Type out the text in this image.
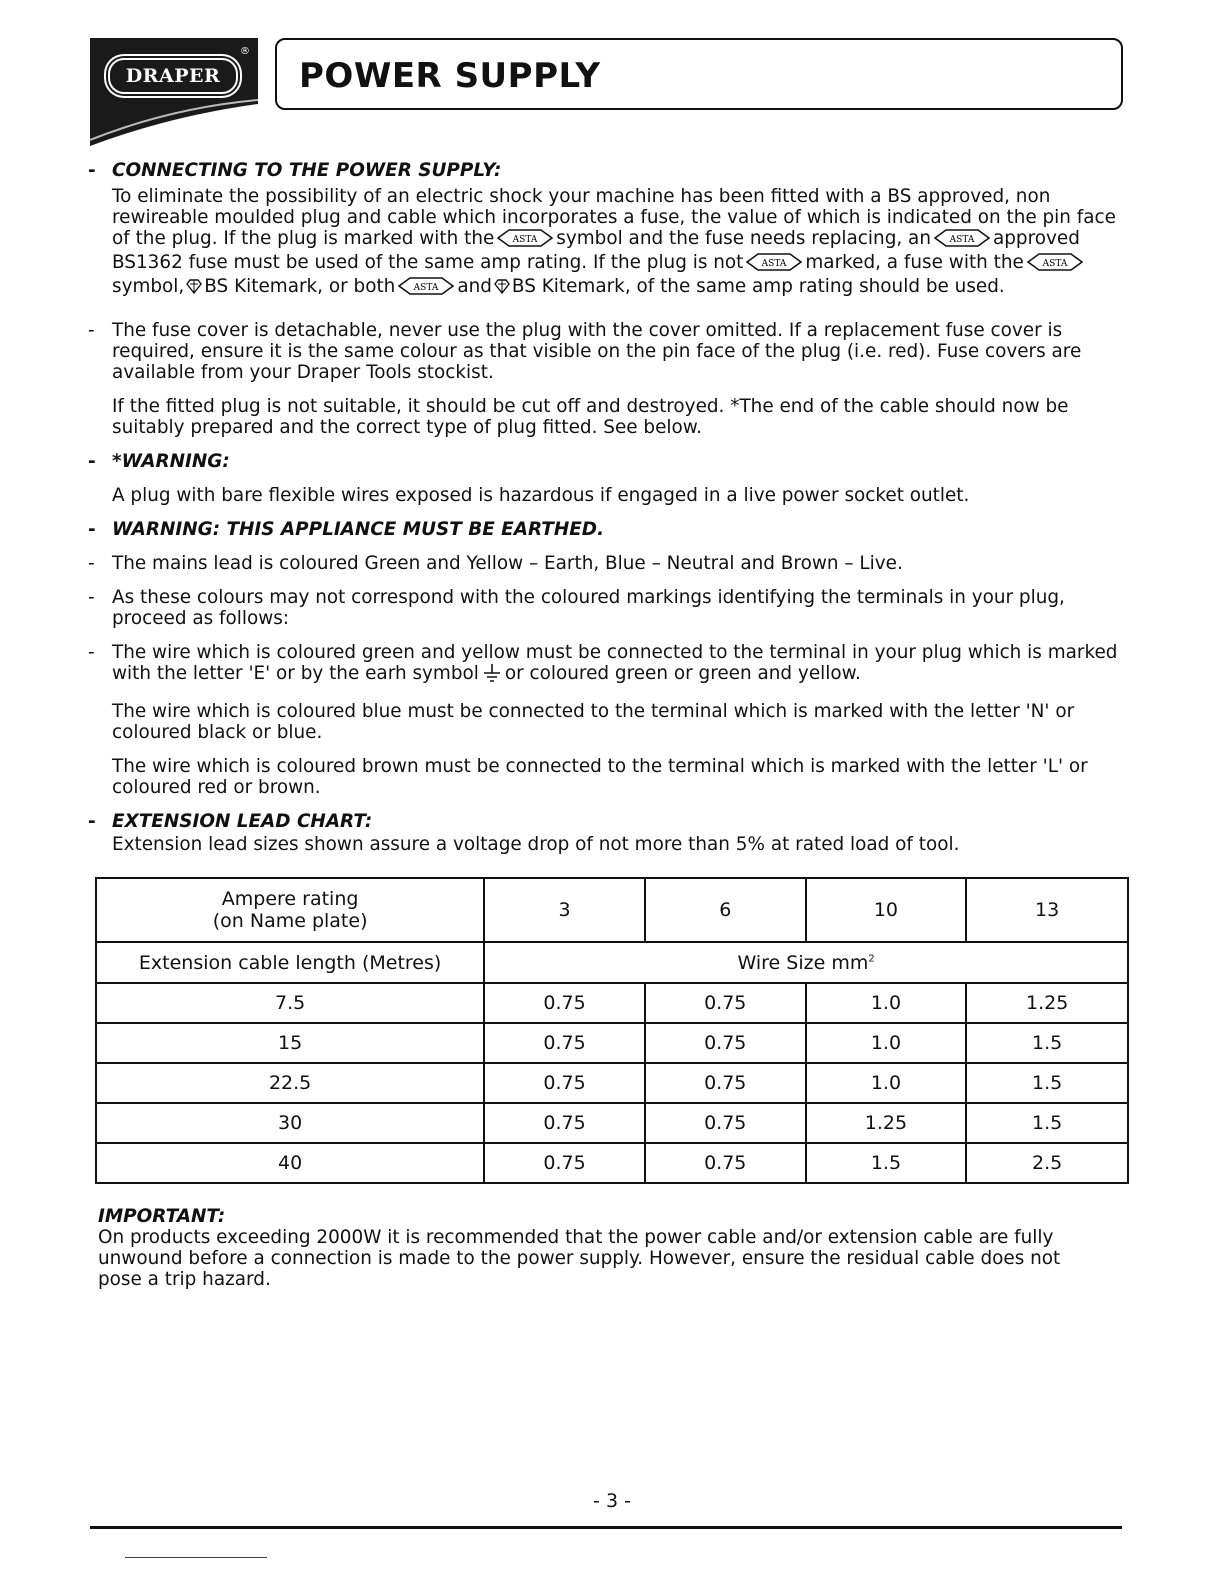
DRAPER
®
POWER SUPPLY
- CONNECTING TO THE POWER SUPPLY:
To eliminate the possibility of an electric shock your machine has been fitted with a BS approved, non rewireable moulded plug and cable which incorporates a fuse, the value of which is indicated on the pin face of the plug. If the plug is marked with the ASTA symbol and the fuse needs replacing, an ASTA approved BS1362 fuse must be used of the same amp rating. If the plug is not ASTA marked, a fuse with the ASTA
symbol, BS Kitemark, or both ASTA and BS Kitemark, of the same amp rating should be used.
- The fuse cover is detachable, never use the plug with the cover omitted. If a replacement fuse cover is required, ensure it is the same colour as that visible on the pin face of the plug (i.e. red). Fuse covers are available from your Draper Tools stockist.
If the fitted plug is not suitable, it should be cut off and destroyed. *The end of the cable should now be suitably prepared and the correct type of plug fitted. See below.
- *WARNING:
A plug with bare flexible wires exposed is hazardous if engaged in a live power socket outlet.
- WARNING: THIS APPLIANCE MUST BE EARTHED.
- The mains lead is coloured Green and Yellow – Earth, Blue – Neutral and Brown – Live.
- As these colours may not correspond with the coloured markings identifying the terminals in your plug, proceed as follows:
- The wire which is coloured green and yellow must be connected to the terminal in your plug which is marked with the letter 'E' or by the earh symbol or coloured green or green and yellow.
The wire which is coloured blue must be connected to the terminal which is marked with the letter 'N' or coloured black or blue.
The wire which is coloured brown must be connected to the terminal which is marked with the letter 'L' or coloured red or brown.
- EXTENSION LEAD CHART:
Extension lead sizes shown assure a voltage drop of not more than 5% at rated load of tool.
Ampere rating
(on Name plate)	3	6	10	13
Extension cable length (Metres)	Wire Size $mm^2$
7.5	0.75	0.75	1.0	1.25
15	0.75	0.75	1.0	1.5
22.5	0.75	0.75	1.0	1.5
30	0.75	0.75	1.25	1.5
40	0.75	0.75	1.5	2.5
IMPORTANT:
On products exceeding 2000W it is recommended that the power cable and/or extension cable are fully unwound before a connection is made to the power supply. However, ensure the residual cable does not pose a trip hazard.
- 3 -
